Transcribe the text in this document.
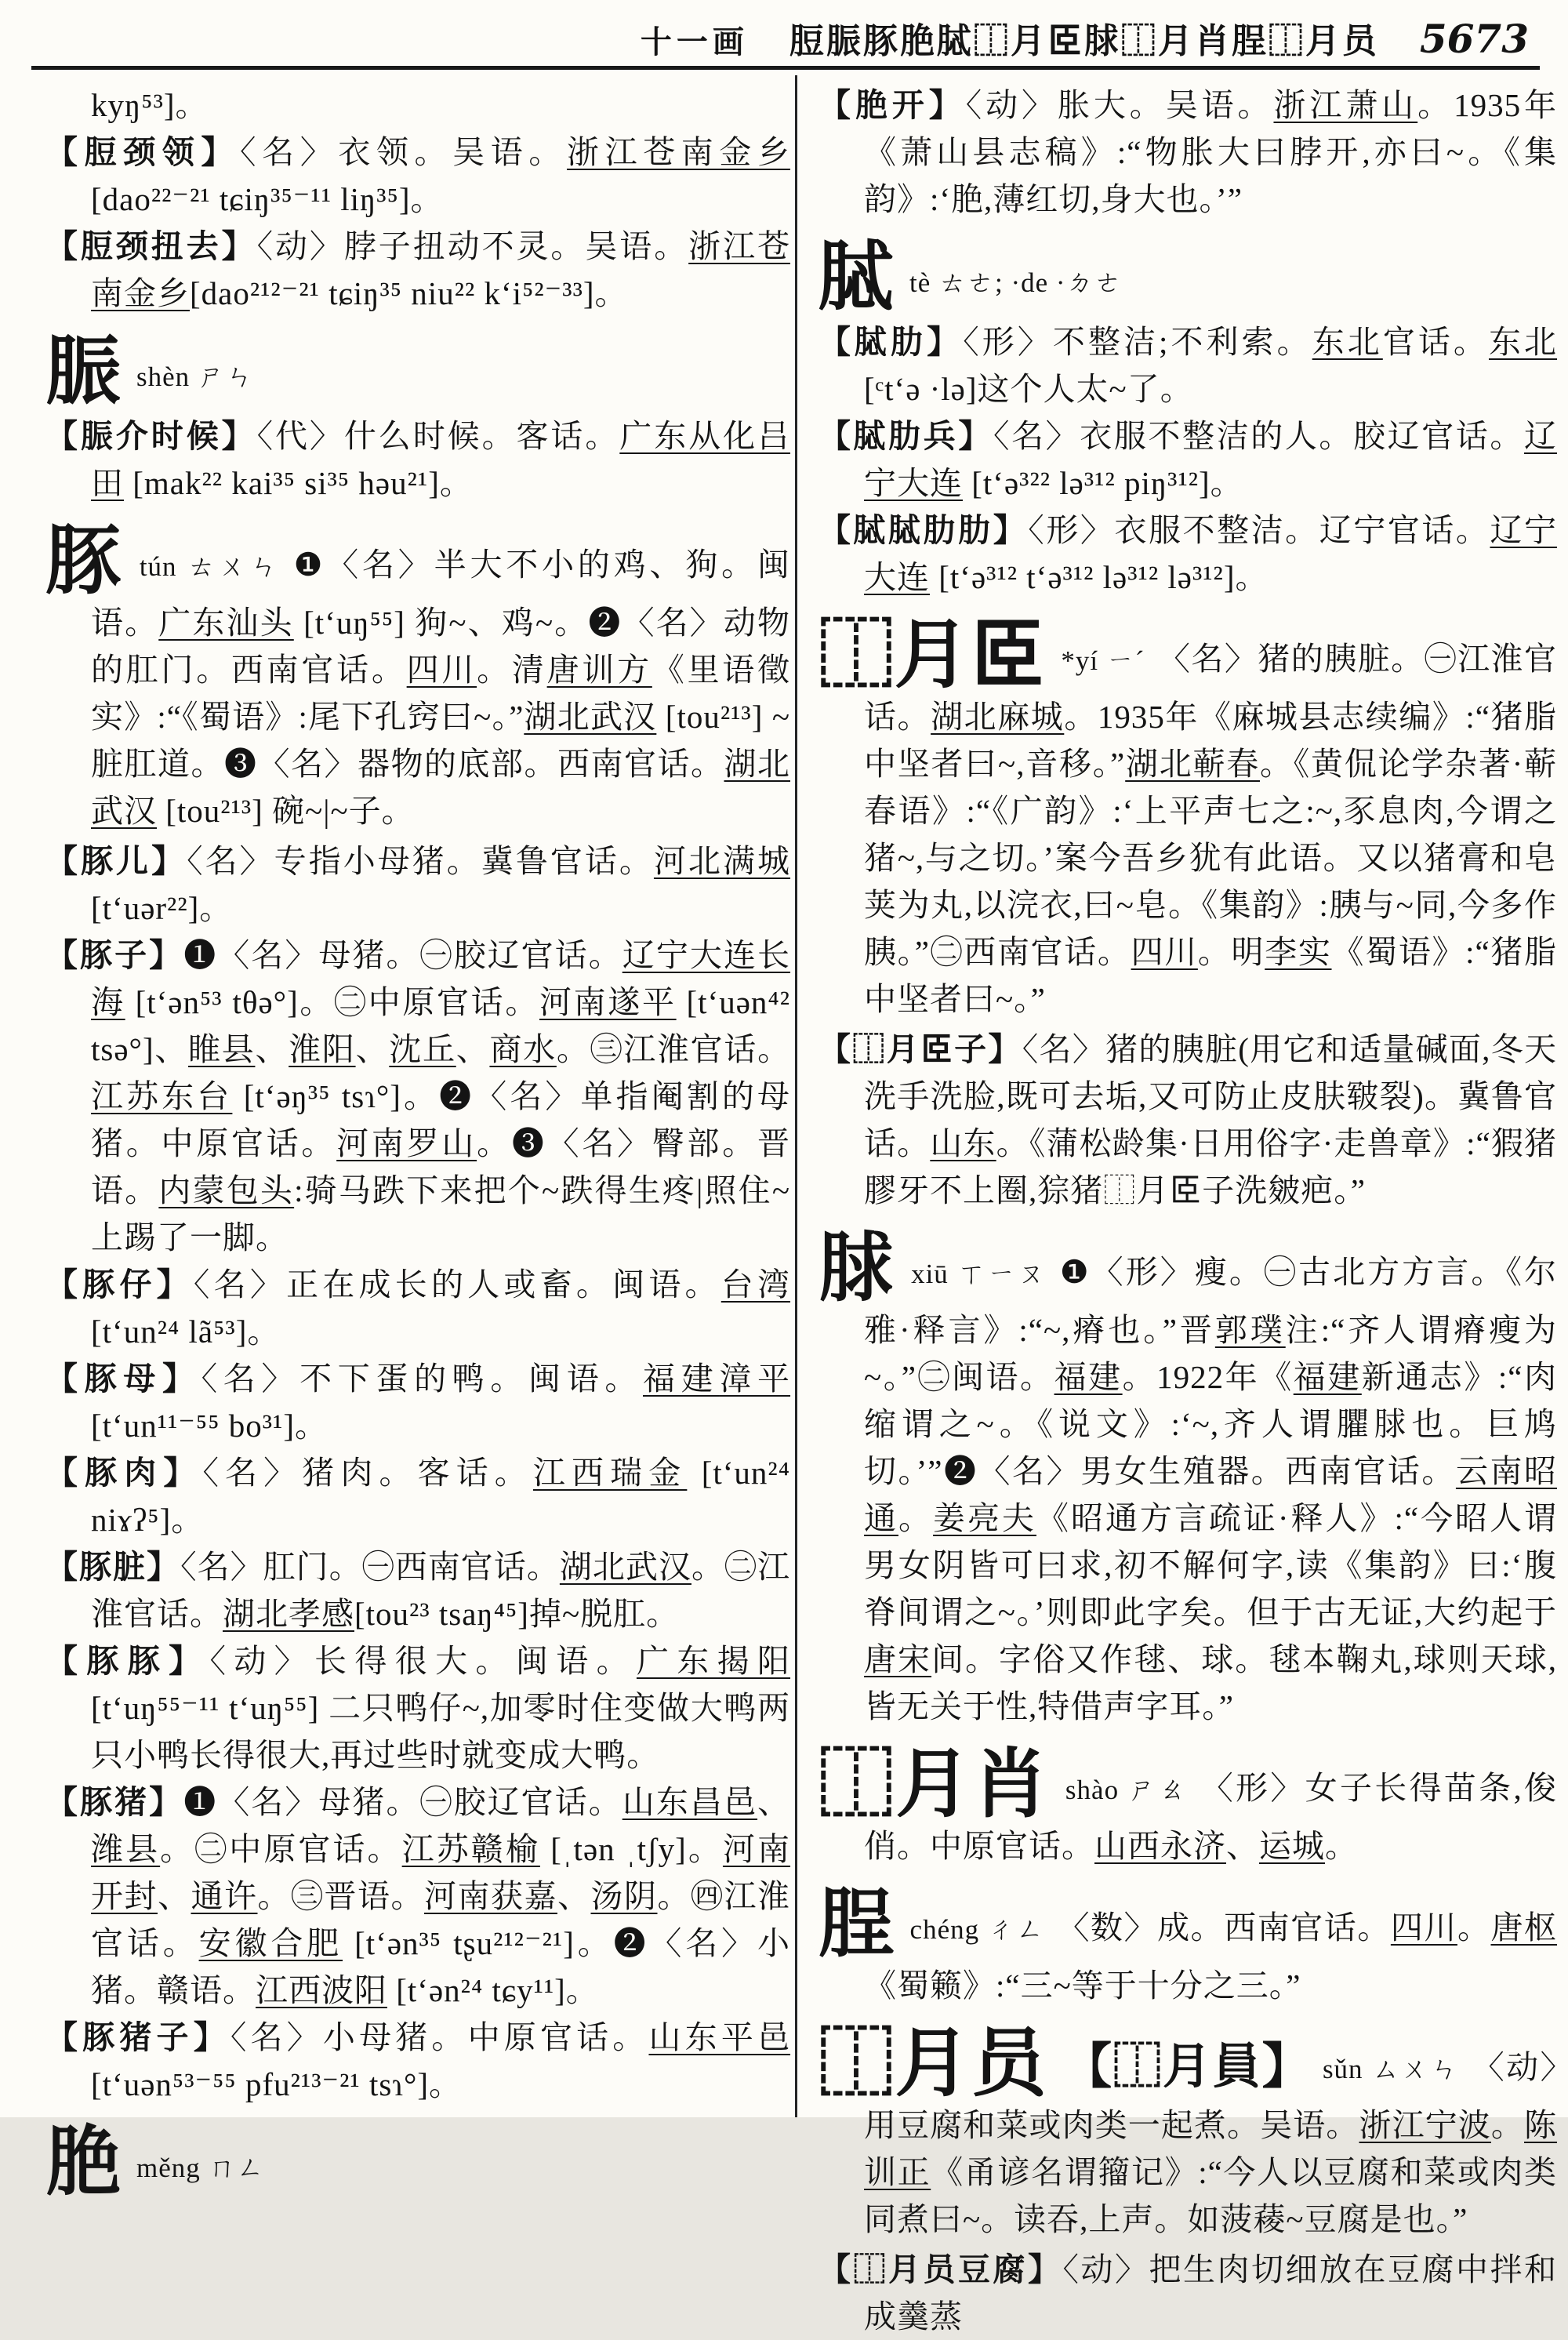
十一画 脰脤豚脃脦⿰月𦣞脙⿰月肖脭⿰月员 5673

kyŋ⁵³]。

【脰颈领】〈名〉衣领。吴语。浙江苍南金乡[dao²²⁻²¹ tɕiŋ³⁵⁻¹¹ liŋ³⁵]。

【脰颈扭去】〈动〉脖子扭动不灵。吴语。浙江苍南金乡[dao²¹²⁻²¹ tɕiŋ³⁵ niu²² k‘i⁵²⁻³³]。

脤shèn ㄕㄣ

【脤介时候】〈代〉什么时候。客话。广东从化吕田 [mak²² kai³⁵ si³⁵ həu²¹]。

豚tún ㄊㄨㄣ ❶〈名〉半大不小的鸡、狗。闽语。广东汕头 [t‘uŋ⁵⁵] 狗~、鸡~。❷〈名〉动物的肛门。西南官话。四川。清唐训方《里语徵实》:“《蜀语》:尾下孔窍曰~。”湖北武汉 [tou²¹³] ~脏肛道。❸〈名〉器物的底部。西南官话。湖北武汉 [tou²¹³] 碗~|~子。

【豚儿】〈名〉专指小母猪。冀鲁官话。河北满城 [t‘uər²²]。

【豚子】❶〈名〉母猪。㊀胶辽官话。辽宁大连长海 [t‘ən⁵³ tθə°]。㊁中原官话。河南遂平 [t‘uən⁴² tsə°]、睢县、淮阳、沈丘、商水。㊂江淮官话。江苏东台 [t‘əŋ³⁵ tsɿ°]。❷〈名〉单指阉割的母猪。中原官话。河南罗山。❸〈名〉臀部。晋语。内蒙包头:骑马跌下来把个~跌得生疼|照住~上踢了一脚。

【豚仔】〈名〉正在成长的人或畜。闽语。台湾 [t‘un²⁴ lã⁵³]。

【豚母】〈名〉不下蛋的鸭。闽语。福建漳平 [t‘un¹¹⁻⁵⁵ bo³¹]。

【豚肉】〈名〉猪肉。客话。江西瑞金 [t‘un²⁴ niɤʔ⁵]。

【豚脏】〈名〉肛门。㊀西南官话。湖北武汉。㊁江淮官话。湖北孝感[tou²³ tsaŋ⁴⁵]掉~脱肛。

【豚豚】〈动〉长得很大。闽语。广东揭阳 [t‘uŋ⁵⁵⁻¹¹ t‘uŋ⁵⁵] 二只鸭仔~,加零时住变做大鸭两只小鸭长得很大,再过些时就变成大鸭。

【豚猪】❶〈名〉母猪。㊀胶辽官话。山东昌邑、潍县。㊁中原官话。江苏赣榆 [ˌtən ˌtʃy]。河南开封、通许。㊂晋语。河南获嘉、汤阴。㊃江淮官话。安徽合肥 [t‘ən³⁵ tʂu²¹²⁻²¹]。❷〈名〉小猪。赣语。江西波阳 [t‘ən²⁴ tɕy¹¹]。

【豚猪子】〈名〉小母猪。中原官话。山东平邑 [t‘uən⁵³⁻⁵⁵ pfu²¹³⁻²¹ tsɿ°]。

脃měng ㄇㄥ

【脃开】〈动〉胀大。吴语。浙江萧山。1935年《萧山县志稿》:“物胀大曰脖开,亦曰~。《集韵》:‘脃,薄红切,身大也。’”

脦tè ㄊㄜ; ·de ·ㄉㄜ

【脦肋】〈形〉不整洁;不利索。东北官话。东北 [ᶜt‘ə ·lə]这个人太~了。

【脦肋兵】〈名〉衣服不整洁的人。胶辽官话。辽宁大连 [t‘ə³²² lə³¹² piŋ³¹²]。

【脦脦肋肋】〈形〉衣服不整洁。辽宁官话。辽宁大连 [t‘ə³¹² t‘ə³¹² lə³¹² lə³¹²]。

⿰月𦣞 *yí ㄧˊ 〈名〉猪的胰脏。㊀江淮官话。湖北麻城。1935年《麻城县志续编》:“猪脂中坚者曰~,音移。”湖北蕲春。《黄侃论学杂著·蕲春语》:“《广韵》:‘上平声七之:~,豕息肉,今谓之猪~,与之切。’案今吾乡犹有此语。又以猪膏和皂荚为丸,以浣衣,曰~皂。《集韵》:胰与~同,今多作胰。”㊁西南官话。四川。明李实《蜀语》:“猪脂中坚者曰~。”

【⿰月𦣞子】〈名〉猪的胰脏(用它和适量碱面,冬天洗手洗脸,既可去垢,又可防止皮肤皲裂)。冀鲁官话。山东。《蒲松龄集·日用俗字·走兽章》:“猳猪膠牙不上圈,猔猪⿰月𦣞子洗皴疤。”

脙xiū ㄒㄧㄡ ❶〈形〉瘦。㊀古北方方言。《尔雅·释言》:“~,瘠也。”晋郭璞注:“齐人谓瘠瘦为~。”㊁闽语。福建。1922年《福建新通志》:“肉缩谓之~。《说文》:‘~,齐人谓臞脙也。巨鸠切。’”❷〈名〉男女生殖器。西南官话。云南昭通。姜亮夫《昭通方言疏证·释人》:“今昭人谓男女阴皆可曰求,初不解何字,读《集韵》曰:‘腹脊间谓之~。’则即此字矣。但于古无证,大约起于唐宋间。字俗又作毬、球。毬本鞠丸,球则天球,皆无关于性,特借声字耳。”

⿰月肖 shào ㄕㄠ 〈形〉女子长得苗条,俊俏。中原官话。山西永济、运城。

脭chéng ㄔㄥ 〈数〉成。西南官话。四川。唐枢《蜀籁》:“三~等于十分之三。”

⿰月员 【⿰月員】 sǔn ㄙㄨㄣ 〈动〉用豆腐和菜或肉类一起煮。吴语。浙江宁波。陈训正《甬谚名谓籀记》:“今人以豆腐和菜或肉类同煮曰~。读吞,上声。如菠薐~豆腐是也。”

【⿰月员豆腐】〈动〉把生肉切细放在豆腐中拌和成羹蒸
